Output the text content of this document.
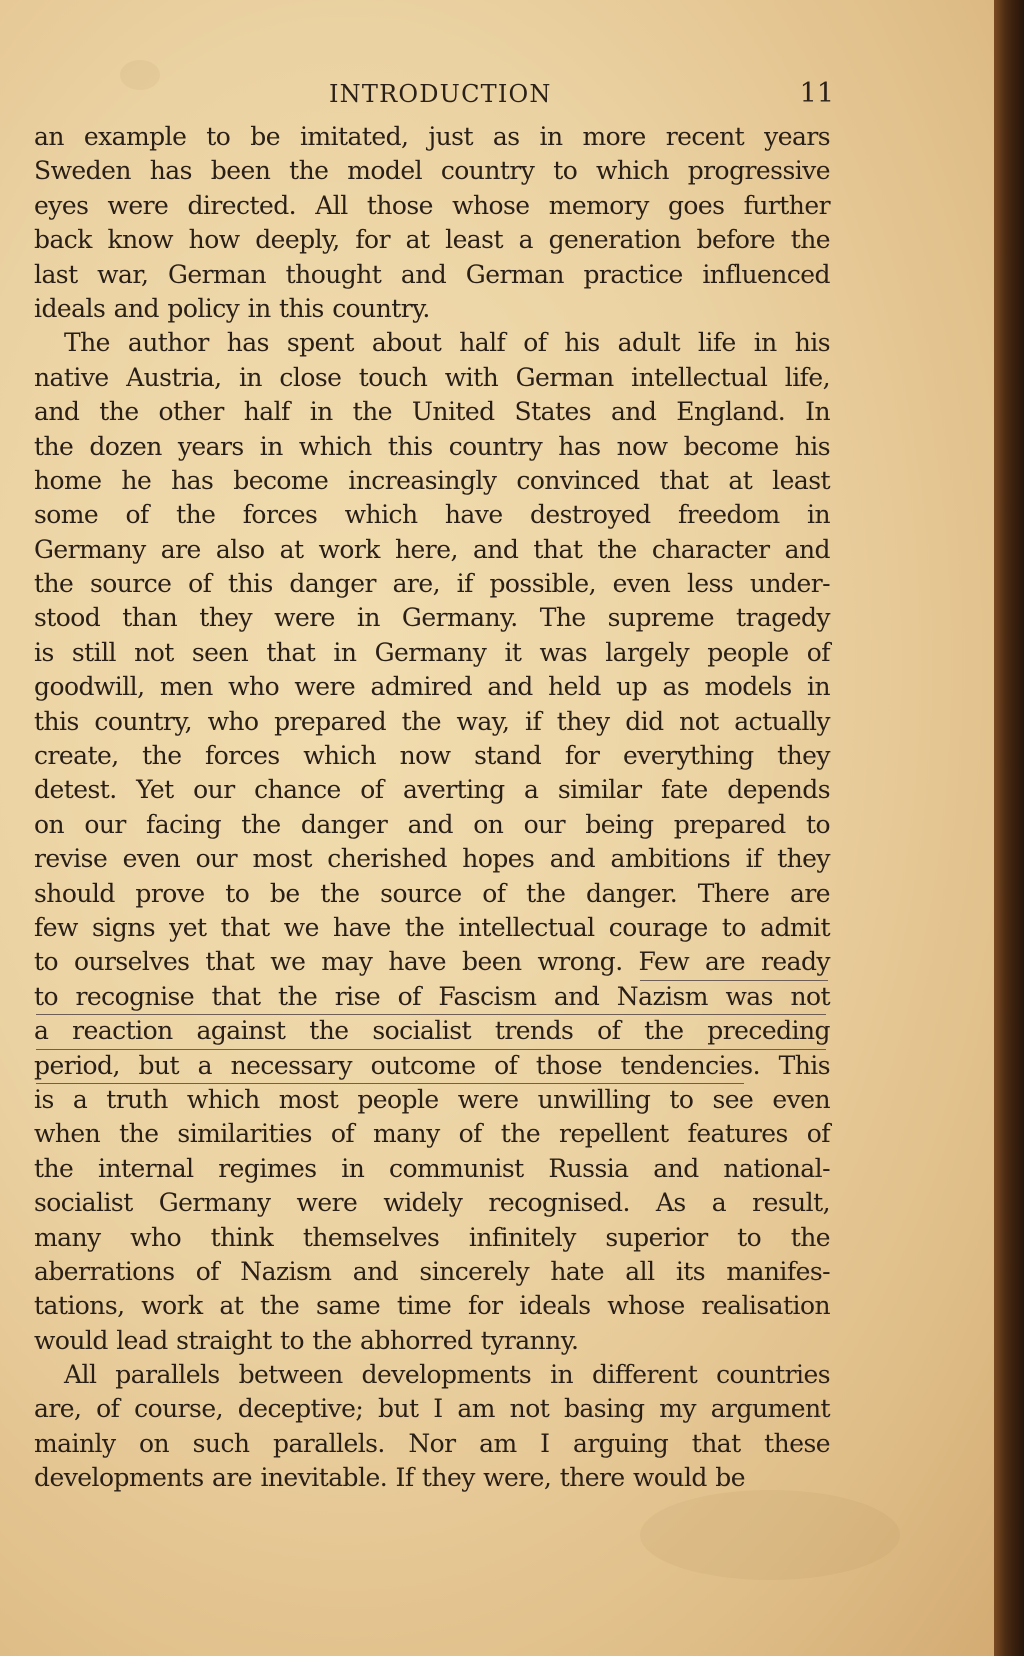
INTRODUCTION	11
an example to be imitated, just as in more recent years
Sweden has been the model country to which progressive
eyes were directed. All those whose memory goes further
back know how deeply, for at least a generation before the
last war, German thought and German practice influenced
ideals and policy in this country.
The author has spent about half of his adult life in his
native Austria, in close touch with German intellectual life,
and the other half in the United States and England. In
the dozen years in which this country has now become his
home he has become increasingly convinced that at least
some of the forces which have destroyed freedom in
Germany are also at work here, and that the character and
the source of this danger are, if possible, even less under-
stood than they were in Germany. The supreme tragedy
is still not seen that in Germany it was largely people of
goodwill, men who were admired and held up as models in
this country, who prepared the way, if they did not actually
create, the forces which now stand for everything they
detest. Yet our chance of averting a similar fate depends
on our facing the danger and on our being prepared to
revise even our most cherished hopes and ambitions if they
should prove to be the source of the danger. There are
few signs yet that we have the intellectual courage to admit
to ourselves that we may have been wrong. Few are ready
to recognise that the rise of Fascism and Nazism was not
a reaction against the socialist trends of the preceding
period, but a necessary outcome of those tendencies. This
is a truth which most people were unwilling to see even
when the similarities of many of the repellent features of
the internal regimes in communist Russia and national-
socialist Germany were widely recognised. As a result,
many who think themselves infinitely superior to the
aberrations of Nazism and sincerely hate all its manifes-
tations, work at the same time for ideals whose realisation
would lead straight to the abhorred tyranny.
All parallels between developments in different countries
are, of course, deceptive; but I am not basing my argument
mainly on such parallels. Nor am I arguing that these
developments are inevitable. If they were, there would be
